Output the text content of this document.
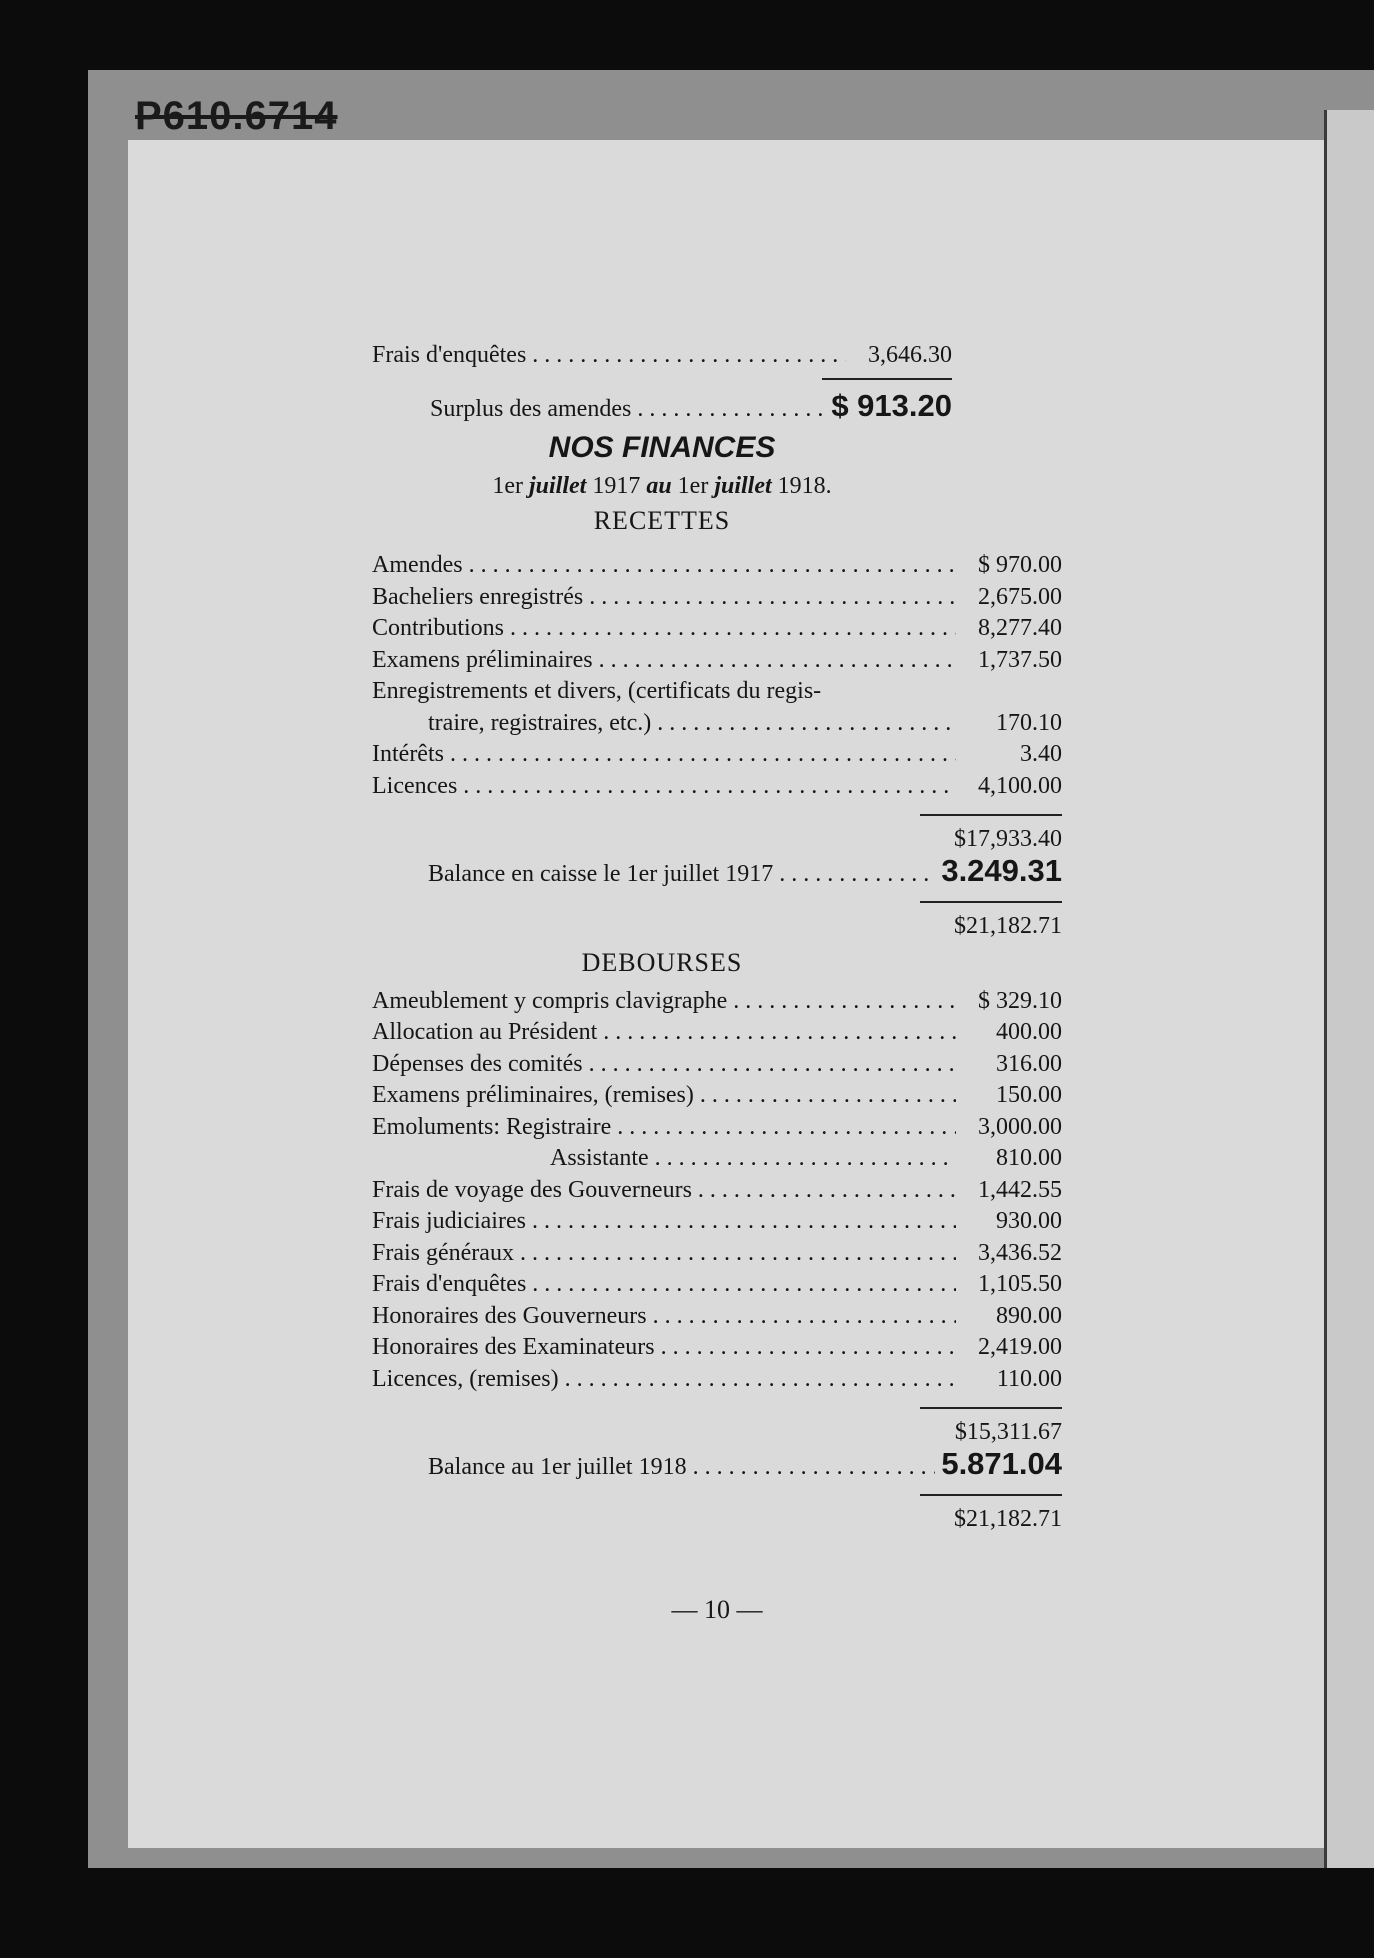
P610.6714
Frais d'enquêtes . . .	3,646.30
Surplus des amendes . . .	$ 913.20
NOS FINANCES
1er juillet 1917 au 1er juillet 1918.
RECETTES
Amendes . . .	$ 970.00
Bacheliers enregistrés . . .	2,675.00
Contributions . . .	8,277.40
Examens préliminaires . . .	1,737.50
Enregistrements et divers, (certificats du regis-
traire, registraires, etc.) . . .	170.10
Intérêts . . .	3.40
Licences . . .	4,100.00
$17,933.40
Balance en caisse le 1er juillet 1917 . . .	3.249.31
$21,182.71
DEBOURSES
Ameublement y compris clavigraphe . . .	$ 329.10
Allocation au Président . . .	400.00
Dépenses des comités . . .	316.00
Examens préliminaires, (remises) . . .	150.00
Emoluments: Registraire . . .	3,000.00
Assistante . . .	810.00
Frais de voyage des Gouverneurs . . .	1,442.55
Frais judiciaires . . .	930.00
Frais généraux . . .	3,436.52
Frais d'enquêtes . . .	1,105.50
Honoraires des Gouverneurs . . .	890.00
Honoraires des Examinateurs . . .	2,419.00
Licences, (remises) . . .	110.00
$15,311.67
Balance au 1er juillet 1918 . . .	5.871.04
$21,182.71
— 10 —
